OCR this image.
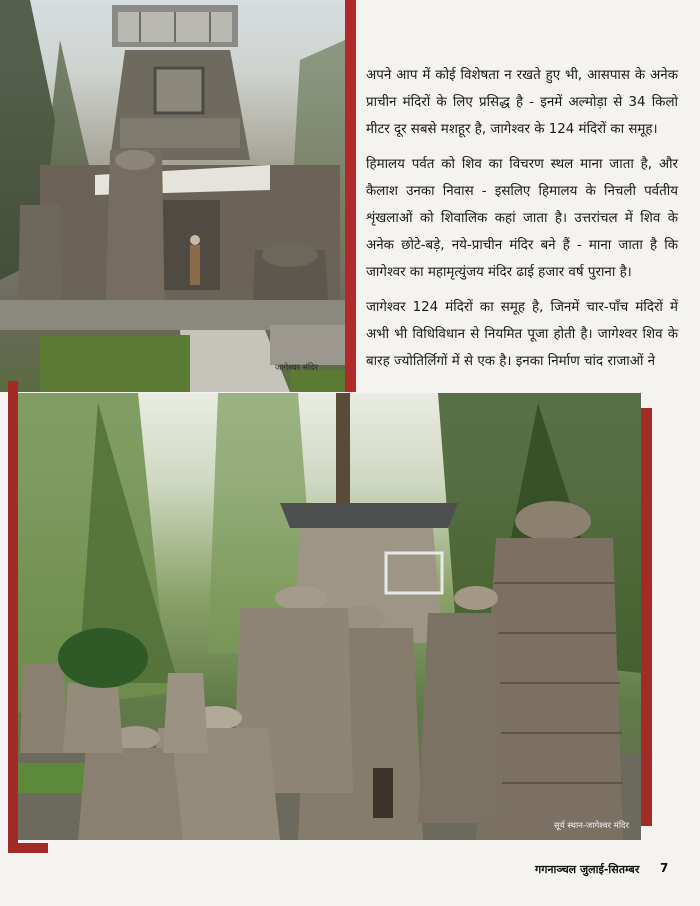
जागेश्वर मंदिर

अपने आप में कोई विशेषता न रखते हुए भी, आसपास के अनेक प्राचीन मंदिरों के लिए प्रसिद्ध है - इनमें अल्मोड़ा से 34 किलो मीटर दूर सबसे मशहूर है, जागेश्वर के 124 मंदिरों का समूह।

हिमालय पर्वत को शिव का विचरण स्थल माना जाता है, और कैलाश उनका निवास - इसलिए हिमालय के निचली पर्वतीय शृंखलाओं को शिवालिक कहां जाता है। उत्तरांचल में शिव के अनेक छोटे-बड़े, नये-प्राचीन मंदिर बने हैं - माना जाता है कि जागेश्वर का महामृत्युंजय मंदिर ढाई हजार वर्ष पुराना है।

जागेश्वर 124 मंदिरों का समूह है, जिनमें चार-पाँच मंदिरों में अभी भी विधिविधान से नियमित पूजा होती है। जागेश्वर शिव के बारह ज्योतिर्लिगों में से एक है। इनका निर्माण चांद राजाओं ने

सूर्य स्थान-जागेश्वर मंदिर
गगनाञ्चल जुलाई-सितम्बर 7
